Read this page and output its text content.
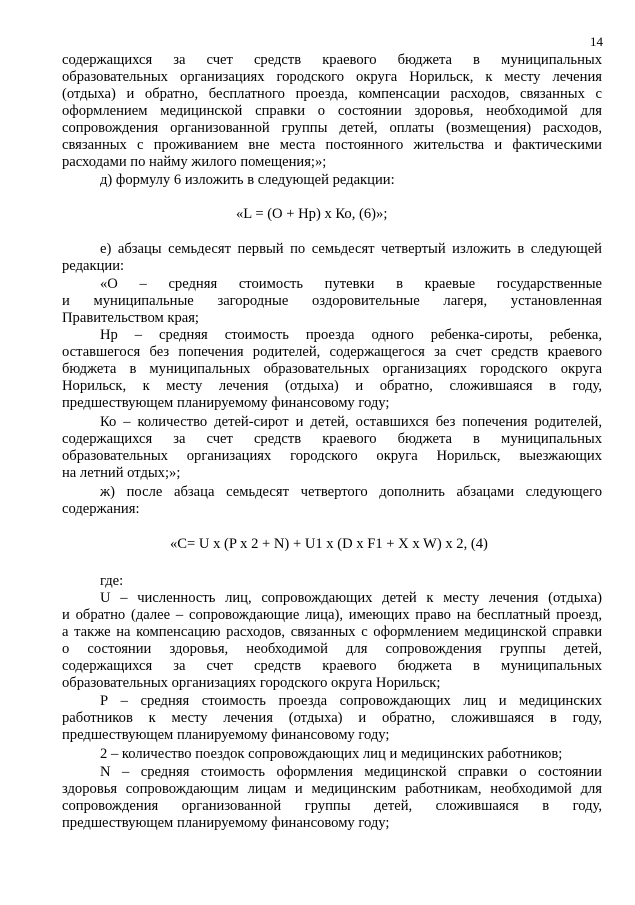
14
содержащихся за счет средств краевого бюджета в муниципальных
образовательных организациях городского округа Норильск, к месту лечения
(отдыха) и обратно, бесплатного проезда, компенсации расходов, связанных с
оформлением медицинской справки о состоянии здоровья, необходимой для
сопровождения организованной группы детей, оплаты (возмещения) расходов,
связанных с проживанием вне места постоянного жительства и фактическими
расходами по найму жилого помещения;»;
д) формулу 6 изложить в следующей редакции:
«L = (О + Нр) х Ко, (6)»;
е) абзацы семьдесят первый по семьдесят четвертый изложить в следующей
редакции:
«О – средняя стоимость путевки в краевые государственные
и муниципальные загородные оздоровительные лагеря, установленная
Правительством края;
Нр – средняя стоимость проезда одного ребенка-сироты, ребенка,
оставшегося без попечения родителей, содержащегося за счет средств краевого
бюджета в муниципальных образовательных организациях городского округа
Норильск, к месту лечения (отдыха) и обратно, сложившаяся в году,
предшествующем планируемому финансовому году;
Ко – количество детей-сирот и детей, оставшихся без попечения родителей,
содержащихся за счет средств краевого бюджета в муниципальных
образовательных организациях городского округа Норильск, выезжающих
на летний отдых;»;
ж) после абзаца семьдесят четвертого дополнить абзацами следующего
содержания:
«C= U x (P x 2 + N) + U1 x (D x F1 + X x W) x 2, (4)
где:
U – численность лиц, сопровождающих детей к месту лечения (отдыха)
и обратно (далее – сопровождающие лица), имеющих право на бесплатный проезд,
а также на компенсацию расходов, связанных с оформлением медицинской справки
о состоянии здоровья, необходимой для сопровождения группы детей,
содержащихся за счет средств краевого бюджета в муниципальных
образовательных организациях городского округа Норильск;
Р – средняя стоимость проезда сопровождающих лиц и медицинских
работников к месту лечения (отдыха) и обратно, сложившаяся в году,
предшествующем планируемому финансовому году;
2 – количество поездок сопровождающих лиц и медицинских работников;
N – средняя стоимость оформления медицинской справки о состоянии
здоровья сопровождающим лицам и медицинским работникам, необходимой для
сопровождения организованной группы детей, сложившаяся в году,
предшествующем планируемому финансовому году;
